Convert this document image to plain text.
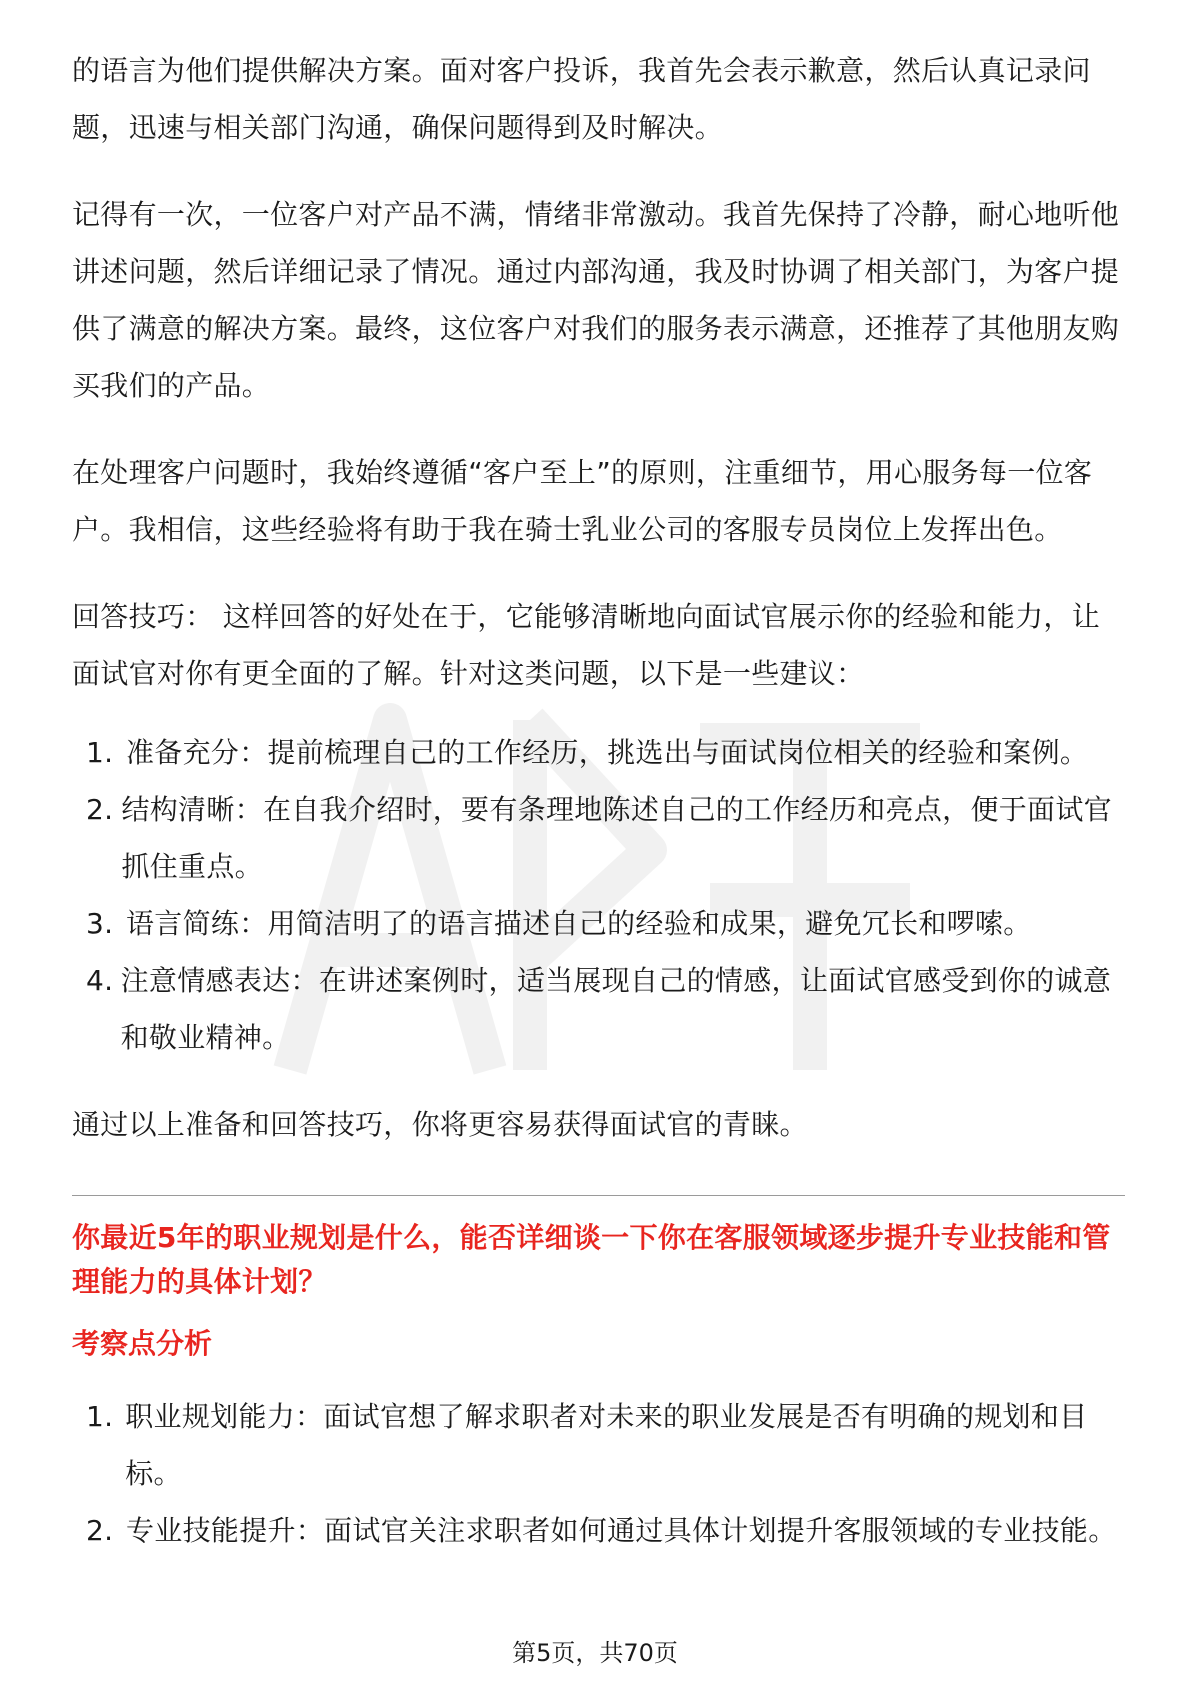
的语言为他们提供解决方案。面对客户投诉，我首先会表示歉意，然后认真记录问题，迅速与相关部门沟通，确保问题得到及时解决。

记得有一次，一位客户对产品不满，情绪非常激动。我首先保持了冷静，耐心地听他讲述问题，然后详细记录了情况。通过内部沟通，我及时协调了相关部门，为客户提供了满意的解决方案。最终，这位客户对我们的服务表示满意，还推荐了其他朋友购买我们的产品。

在处理客户问题时，我始终遵循“客户至上”的原则，注重细节，用心服务每一位客户。我相信，这些经验将有助于我在骑士乳业公司的客服专员岗位上发挥出色。

回答技巧： 这样回答的好处在于，它能够清晰地向面试官展示你的经验和能力，让面试官对你有更全面的了解。针对这类问题，以下是一些建议：

1. 准备充分：提前梳理自己的工作经历，挑选出与面试岗位相关的经验和案例。
2. 结构清晰：在自我介绍时，要有条理地陈述自己的工作经历和亮点，便于面试官抓住重点。
3. 语言简练：用简洁明了的语言描述自己的经验和成果，避免冗长和啰嗦。
4. 注意情感表达：在讲述案例时，适当展现自己的情感，让面试官感受到你的诚意和敬业精神。

通过以上准备和回答技巧，你将更容易获得面试官的青睐。

你最近5年的职业规划是什么，能否详细谈一下你在客服领域逐步提升专业技能和管理能力的具体计划？

考察点分析

1. 职业规划能力：面试官想了解求职者对未来的职业发展是否有明确的规划和目标。
2. 专业技能提升：面试官关注求职者如何通过具体计划提升客服领域的专业技能。
第5页，共70页
